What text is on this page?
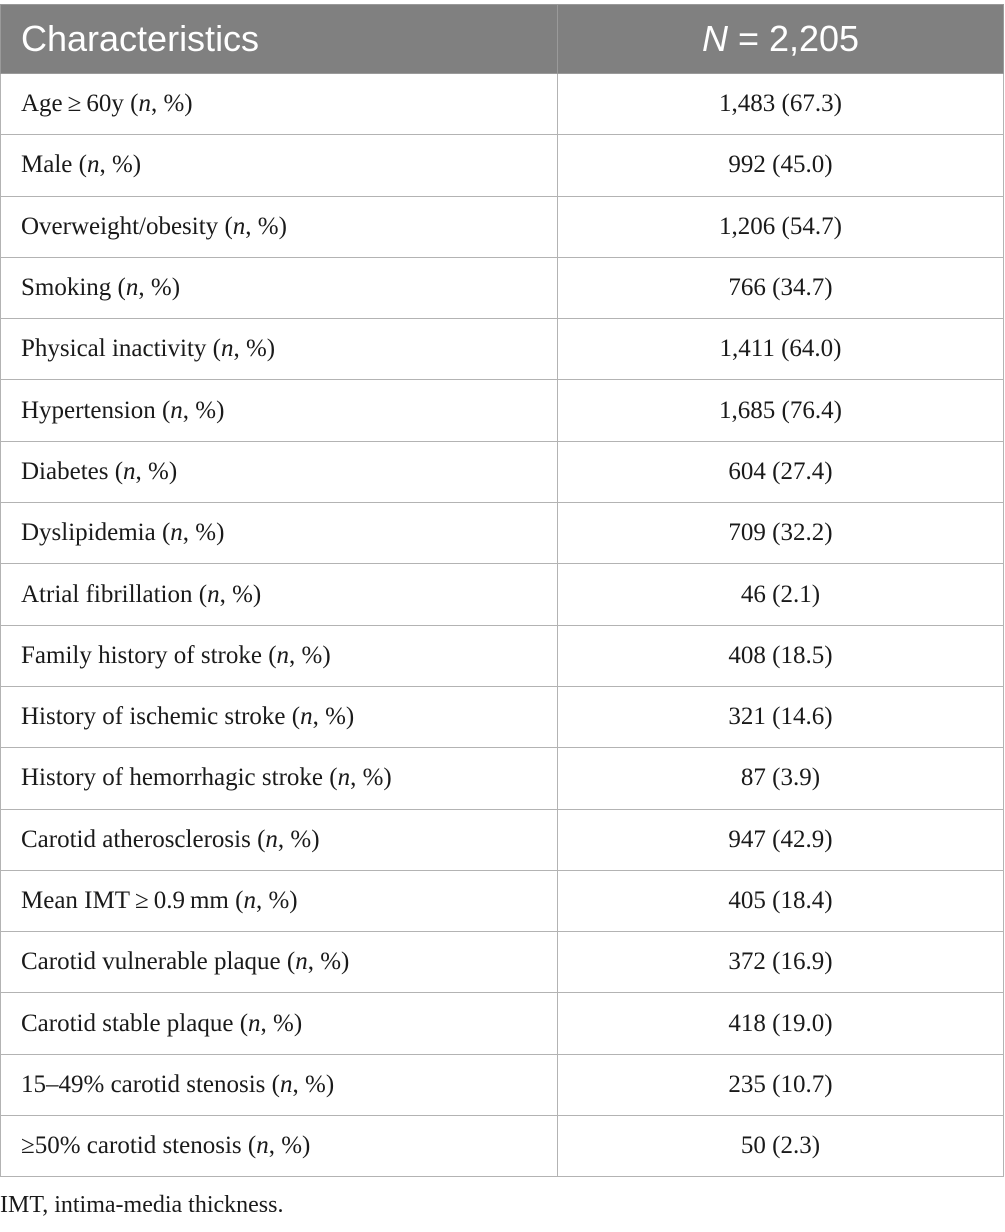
Characteristics	N = 2,205
Age ≥ 60y (n, %)	1,483 (67.3)
Male (n, %)	992 (45.0)
Overweight/obesity (n, %)	1,206 (54.7)
Smoking (n, %)	766 (34.7)
Physical inactivity (n, %)	1,411 (64.0)
Hypertension (n, %)	1,685 (76.4)
Diabetes (n, %)	604 (27.4)
Dyslipidemia (n, %)	709 (32.2)
Atrial fibrillation (n, %)	46 (2.1)
Family history of stroke (n, %)	408 (18.5)
History of ischemic stroke (n, %)	321 (14.6)
History of hemorrhagic stroke (n, %)	87 (3.9)
Carotid atherosclerosis (n, %)	947 (42.9)
Mean IMT ≥ 0.9 mm (n, %)	405 (18.4)
Carotid vulnerable plaque (n, %)	372 (16.9)
Carotid stable plaque (n, %)	418 (19.0)
15–49% carotid stenosis (n, %)	235 (10.7)
≥50% carotid stenosis (n, %)	50 (2.3)
IMT, intima-media thickness.
